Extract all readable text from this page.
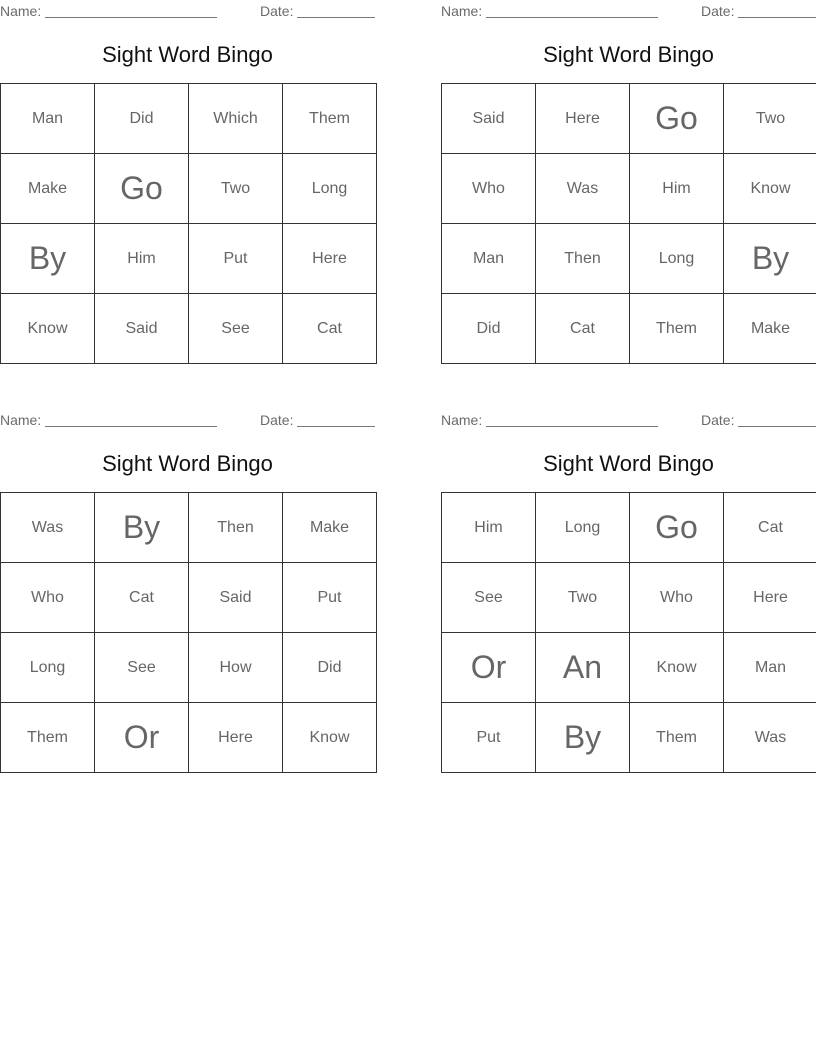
Name:	Date:
Sight Word Bingo
Man	Did	Which	Them
Make	Go	Two	Long
By	Him	Put	Here
Know	Said	See	Cat
Name:	Date:
Sight Word Bingo
Said	Here	Go	Two
Who	Was	Him	Know
Man	Then	Long	By
Did	Cat	Them	Make
Name:	Date:
Sight Word Bingo
Was	By	Then	Make
Who	Cat	Said	Put
Long	See	How	Did
Them	Or	Here	Know
Name:	Date:
Sight Word Bingo
Him	Long	Go	Cat
See	Two	Who	Here
Or	An	Know	Man
Put	By	Them	Was
